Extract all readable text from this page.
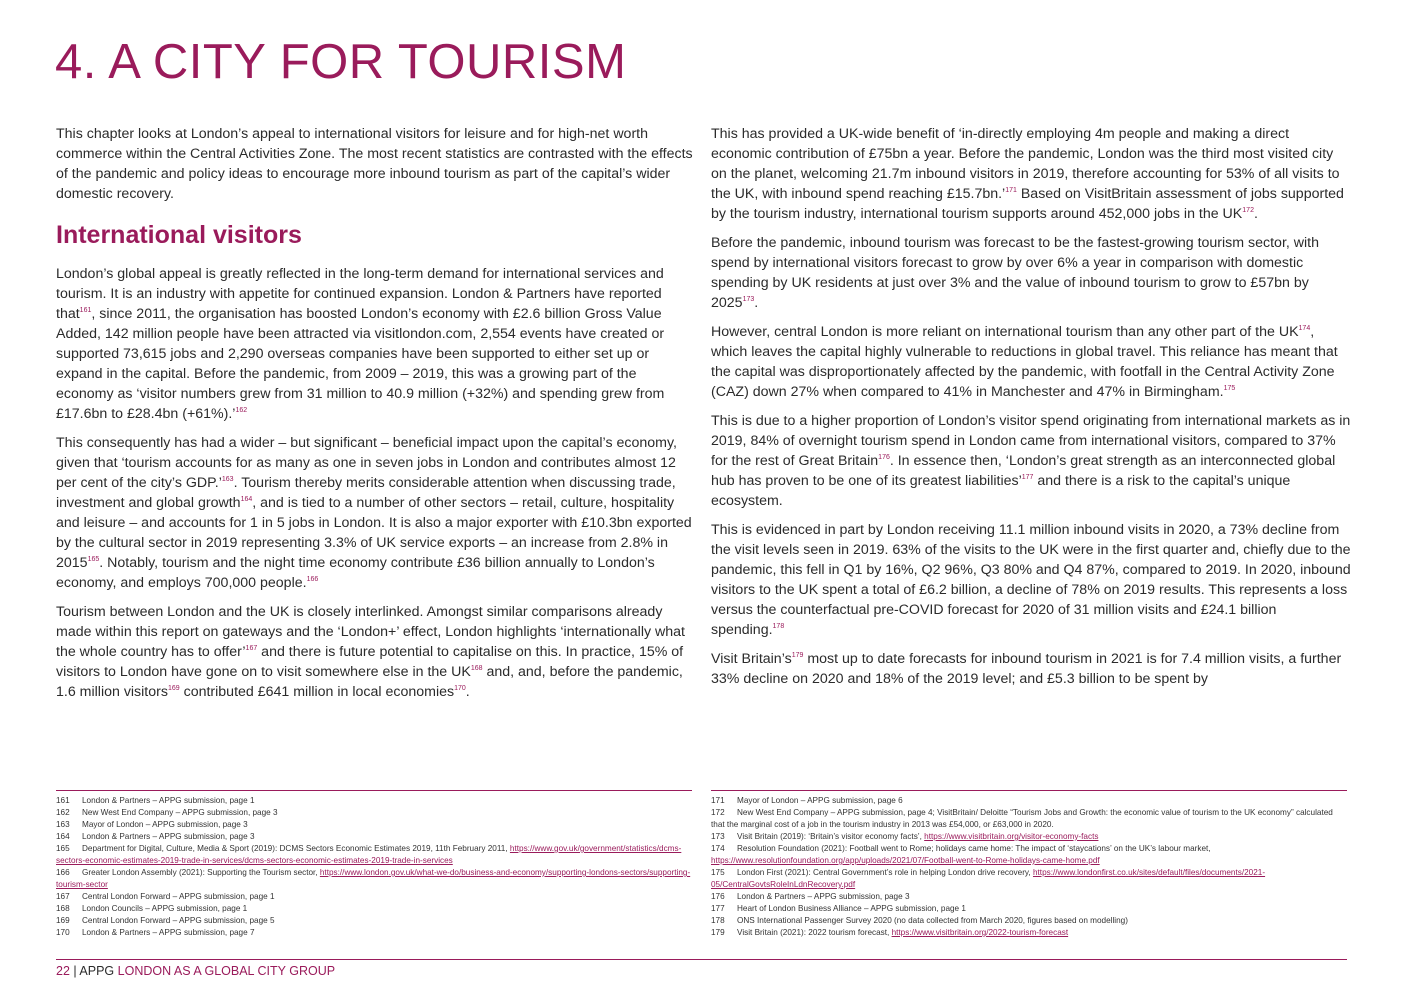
4. A CITY FOR TOURISM

This chapter looks at London’s appeal to international visitors for leisure and for high-net worth commerce within the Central Activities Zone. The most recent statistics are contrasted with the effects of the pandemic and policy ideas to encourage more inbound tourism as part of the capital’s wider domestic recovery.

International visitors

London’s global appeal is greatly reflected in the long-term demand for international services and tourism. It is an industry with appetite for continued expansion. London & Partners have reported that$^{161}$, since 2011, the organisation has boosted London’s economy with £2.6 billion Gross Value Added, 142 million people have been attracted via visitlondon.com, 2,554 events have created or supported 73,615 jobs and 2,290 overseas companies have been supported to either set up or expand in the capital. Before the pandemic, from 2009 – 2019, this was a growing part of the economy as ‘visitor numbers grew from 31 million to 40.9 million (+32%) and spending grew from £17.6bn to £28.4bn (+61%).’$^{162}$

This consequently has had a wider – but significant – beneficial impact upon the capital’s economy, given that ‘tourism accounts for as many as one in seven jobs in London and contributes almost 12 per cent of the city’s GDP.’$^{163}$. Tourism thereby merits considerable attention when discussing trade, investment and global growth$^{164}$, and is tied to a number of other sectors – retail, culture, hospitality and leisure – and accounts for 1 in 5 jobs in London. It is also a major exporter with £10.3bn exported by the cultural sector in 2019 representing 3.3% of UK service exports – an increase from 2.8% in 2015$^{165}$. Notably, tourism and the night time economy contribute £36 billion annually to London’s economy, and employs 700,000 people.$^{166}$

Tourism between London and the UK is closely interlinked. Amongst similar comparisons already made within this report on gateways and the ‘London+’ effect, London highlights ‘internationally what the whole country has to offer’$^{167}$ and there is future potential to capitalise on this. In practice, 15% of visitors to London have gone on to visit somewhere else in the UK$^{168}$ and, and, before the pandemic, 1.6 million visitors$^{169}$ contributed £641 million in local economies$^{170}$.

This has provided a UK-wide benefit of ‘in-directly employing 4m people and making a direct economic contribution of £75bn a year. Before the pandemic, London was the third most visited city on the planet, welcoming 21.7m inbound visitors in 2019, therefore accounting for 53% of all visits to the UK, with inbound spend reaching £15.7bn.’$^{171}$ Based on VisitBritain assessment of jobs supported by the tourism industry, international tourism supports around 452,000 jobs in the UK$^{172}$.

Before the pandemic, inbound tourism was forecast to be the fastest-growing tourism sector, with spend by international visitors forecast to grow by over 6% a year in comparison with domestic spending by UK residents at just over 3% and the value of inbound tourism to grow to £57bn by 2025$^{173}$.

However, central London is more reliant on international tourism than any other part of the UK$^{174}$, which leaves the capital highly vulnerable to reductions in global travel. This reliance has meant that the capital was disproportionately affected by the pandemic, with footfall in the Central Activity Zone (CAZ) down 27% when compared to 41% in Manchester and 47% in Birmingham.$^{175}$

This is due to a higher proportion of London’s visitor spend originating from international markets as in 2019, 84% of overnight tourism spend in London came from international visitors, compared to 37% for the rest of Great Britain$^{176}$. In essence then, ‘London’s great strength as an interconnected global hub has proven to be one of its greatest liabilities’$^{177}$ and there is a risk to the capital’s unique ecosystem.

This is evidenced in part by London receiving 11.1 million inbound visits in 2020, a 73% decline from the visit levels seen in 2019. 63% of the visits to the UK were in the first quarter and, chiefly due to the pandemic, this fell in Q1 by 16%, Q2 96%, Q3 80% and Q4 87%, compared to 2019. In 2020, inbound visitors to the UK spent a total of £6.2 billion, a decline of 78% on 2019 results. This represents a loss versus the counterfactual pre-COVID forecast for 2020 of 31 million visits and £24.1 billion spending.$^{178}$

Visit Britain’s$^{179}$ most up to date forecasts for inbound tourism in 2021 is for 7.4 million visits, a further 33% decline on 2020 and 18% of the 2019 level; and £5.3 billion to be spent by

161 London & Partners – APPG submission, page 1
162 New West End Company – APPG submission, page 3
163 Mayor of London – APPG submission, page 3
164 London & Partners – APPG submission, page 3
165 Department for Digital, Culture, Media & Sport (2019): DCMS Sectors Economic Estimates 2019, 11th February 2011, https://www.gov.uk/government/statistics/dcms-sectors-economic-estimates-2019-trade-in-services/dcms-sectors-economic-estimates-2019-trade-in-services
166 Greater London Assembly (2021): Supporting the Tourism sector, https://www.london.gov.uk/what-we-do/business-and-economy/supporting-londons-sectors/supporting-tourism-sector
167 Central London Forward – APPG submission, page 1
168 London Councils – APPG submission, page 1
169 Central London Forward – APPG submission, page 5
170 London & Partners – APPG submission, page 7
171 Mayor of London – APPG submission, page 6
172 New West End Company – APPG submission, page 4; VisitBritain/ Deloitte “Tourism Jobs and Growth: the economic value of tourism to the UK economy” calculated that the marginal cost of a job in the tourism industry in 2013 was £54,000, or £63,000 in 2020.
173 Visit Britain (2019): ‘Britain’s visitor economy facts’, https://www.visitbritain.org/visitor-economy-facts
174 Resolution Foundation (2021): Football went to Rome; holidays came home: The impact of ‘staycations’ on the UK’s labour market, https://www.resolutionfoundation.org/app/uploads/2021/07/Football-went-to-Rome-holidays-came-home.pdf
175 London First (2021): Central Government’s role in helping London drive recovery, https://www.londonfirst.co.uk/sites/default/files/documents/2021-05/CentralGovtsRoleInLdnRecovery.pdf
176 London & Partners – APPG submission, page 3
177 Heart of London Business Alliance – APPG submission, page 1
178 ONS International Passenger Survey 2020 (no data collected from March 2020, figures based on modelling)
179 Visit Britain (2021): 2022 tourism forecast, https://www.visitbritain.org/2022-tourism-forecast
22 | APPG LONDON AS A GLOBAL CITY GROUP
